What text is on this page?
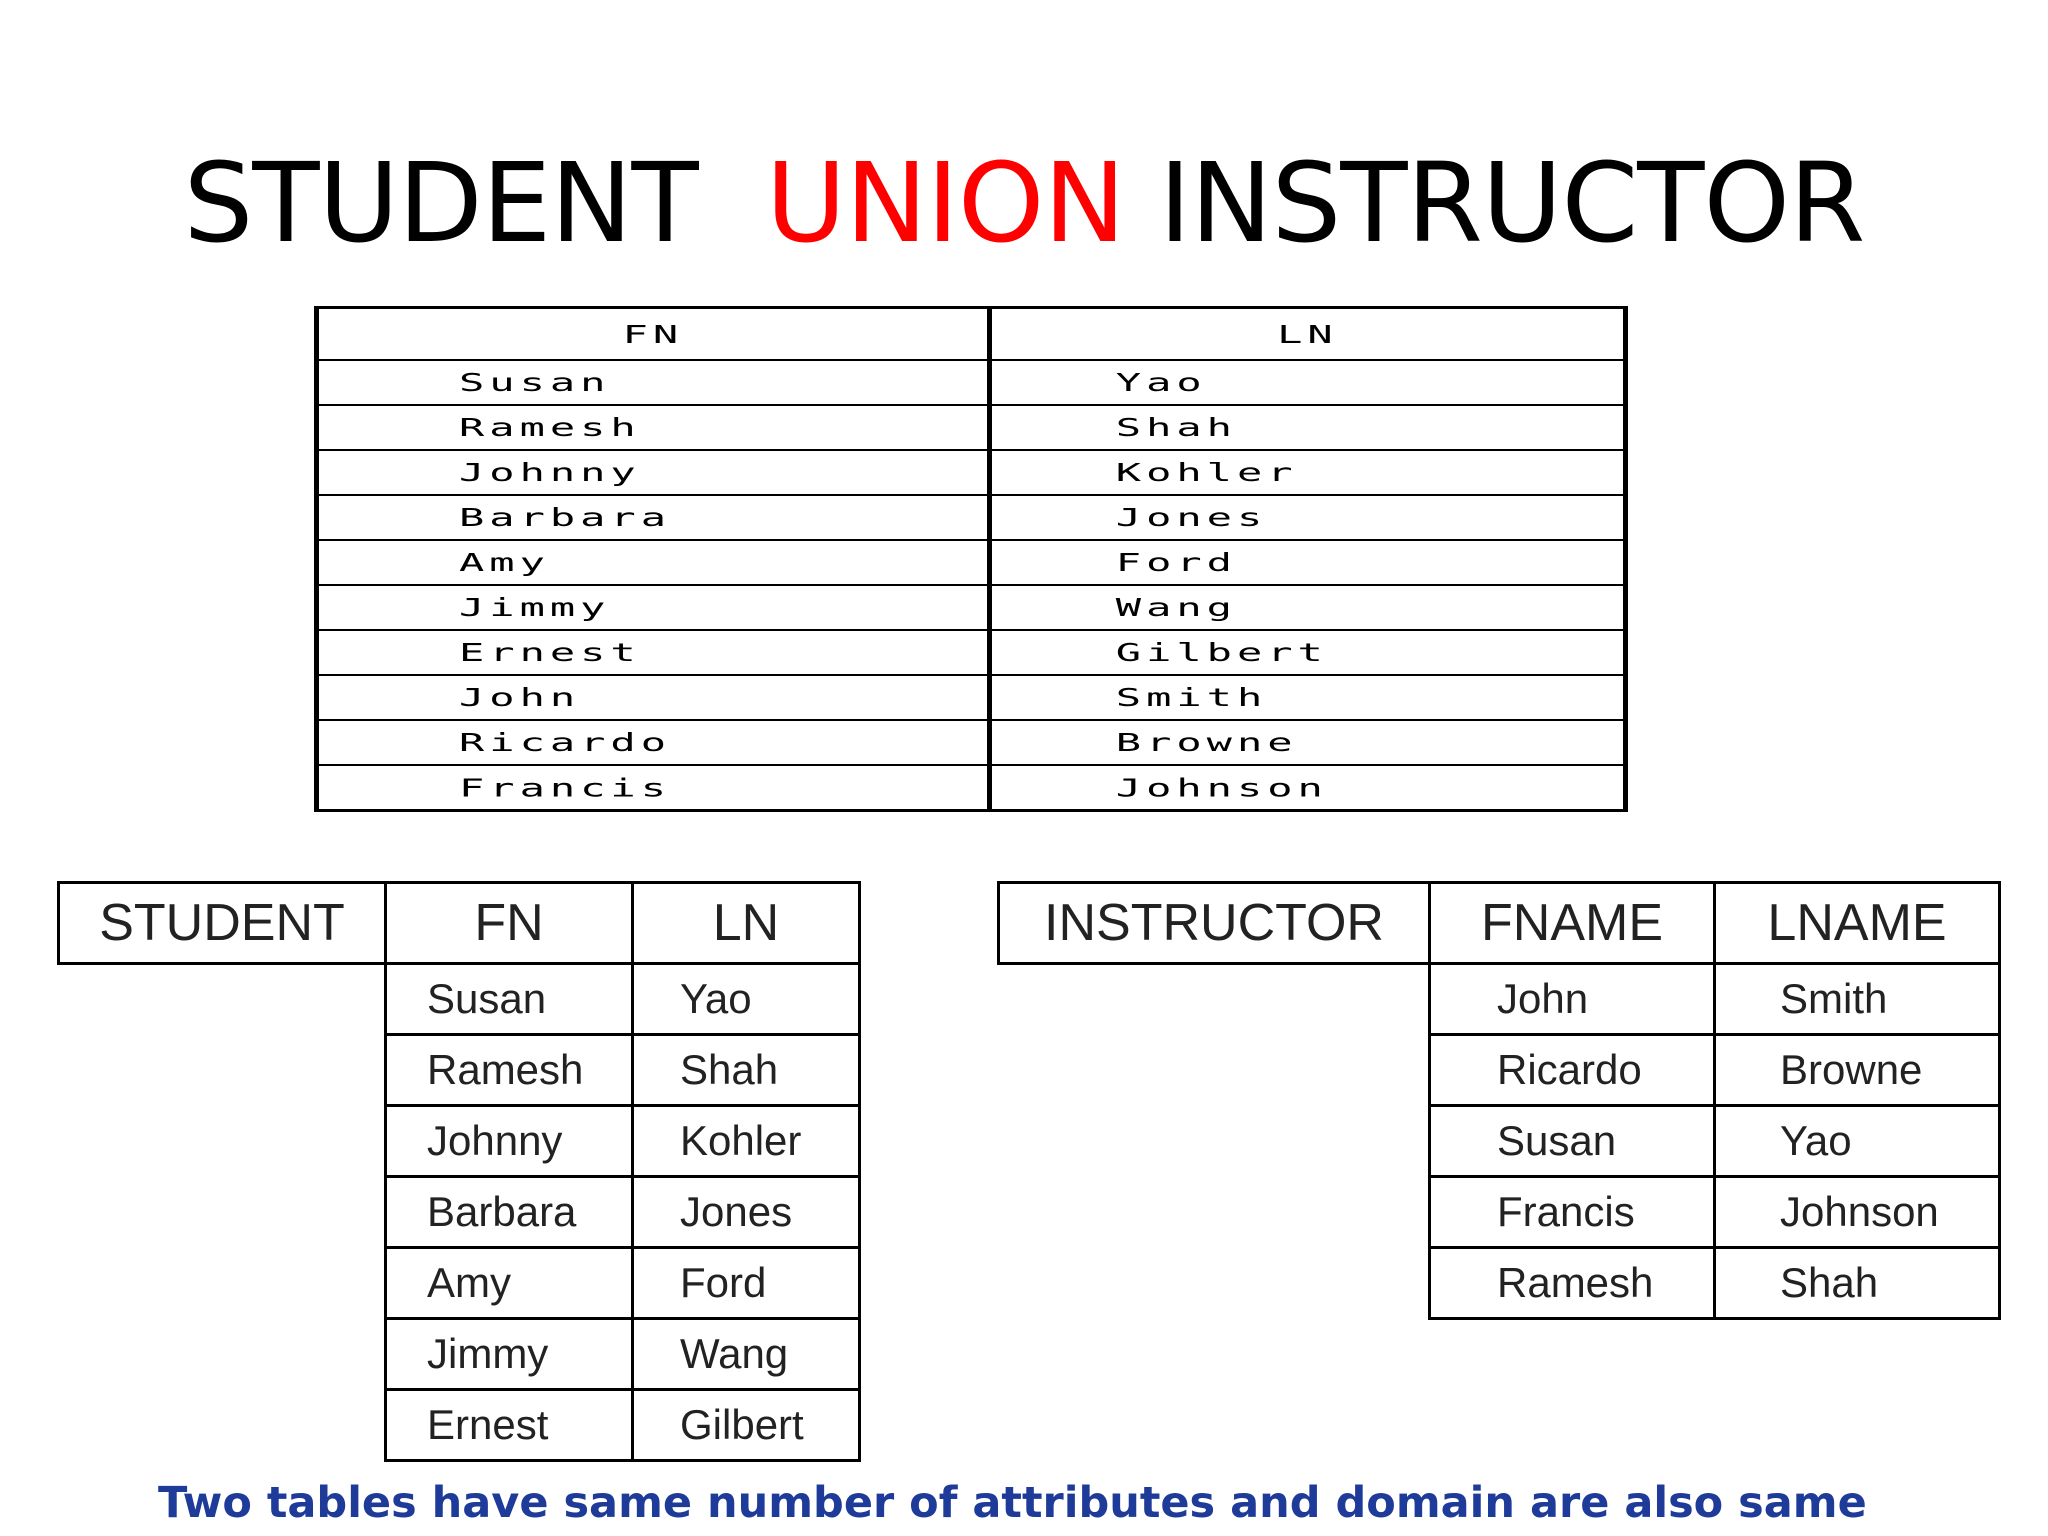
STUDENT  UNION INSTRUCTOR
FN	LN
Susan	Yao
Ramesh	Shah
Johnny	Kohler
Barbara	Jones
Amy	Ford
Jimmy	Wang
Ernest	Gilbert
John	Smith
Ricardo	Browne
Francis	Johnson
STUDENT	FN	LN
	Susan	Yao
	Ramesh	Shah
	Johnny	Kohler
	Barbara	Jones
	Amy	Ford
	Jimmy	Wang
	Ernest	Gilbert
INSTRUCTOR	FNAME	LNAME
	John	Smith
	Ricardo	Browne
	Susan	Yao
	Francis	Johnson
	Ramesh	Shah
Two tables have same number of attributes and domain are also same
